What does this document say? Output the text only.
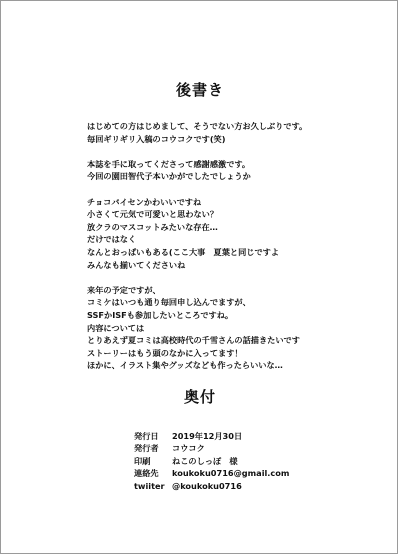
後書き
はじめての方はじめまして、そうでない方お久しぶりです。
毎回ギリギリ入稿のコウコクです(笑)
本誌を手に取ってくださって感謝感激です。
今回の園田智代子本いかがでしたでしょうか
チョコバイセンかわいいですね
小さくて元気で可愛いと思わない？
放クラのマスコットみたいな存在…
だけではなく
なんとおっぱいもある(ここ大事　夏葉と同じですよ
みんなも揃いてくださいね
来年の予定ですが、
コミケはいつも通り毎回申し込んでますが、
SSFかISFも参加したいところですね。
内容については
とりあえず夏コミは高校時代の千雪さんの話描きたいです
ストーリーはもう頭のなかに入ってます！
ほかに、イラスト集やグッズなども作ったらいいな…
奥付
発行日	2019年12月30日
発行者	コウコク
印刷	ねこのしっぽ　様
連絡先	koukoku0716@gmail.com
twiiter @koukoku0716
